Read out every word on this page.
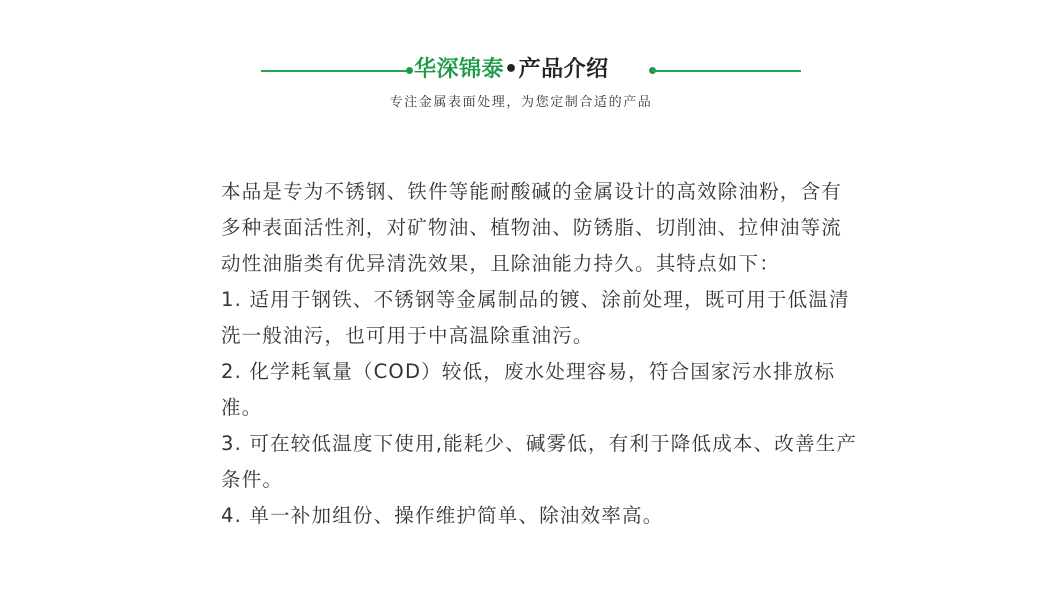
华深锦泰•产品介绍
专注金属表面处理，为您定制合适的产品

本品是专为不锈钢、铁件等能耐酸碱的金属设计的高效除油粉，含有多种表面活性剂，对矿物油、植物油、防锈脂、切削油、拉伸油等流动性油脂类有优异清洗效果，且除油能力持久。其特点如下：

1. 适用于钢铁、不锈钢等金属制品的镀、涂前处理，既可用于低温清洗一般油污，也可用于中高温除重油污。

2. 化学耗氧量（COD）较低，废水处理容易，符合国家污水排放标准。

3. 可在较低温度下使用,能耗少、碱雾低，有利于降低成本、改善生产条件。

4. 单一补加组份、操作维护简单、除油效率高。
